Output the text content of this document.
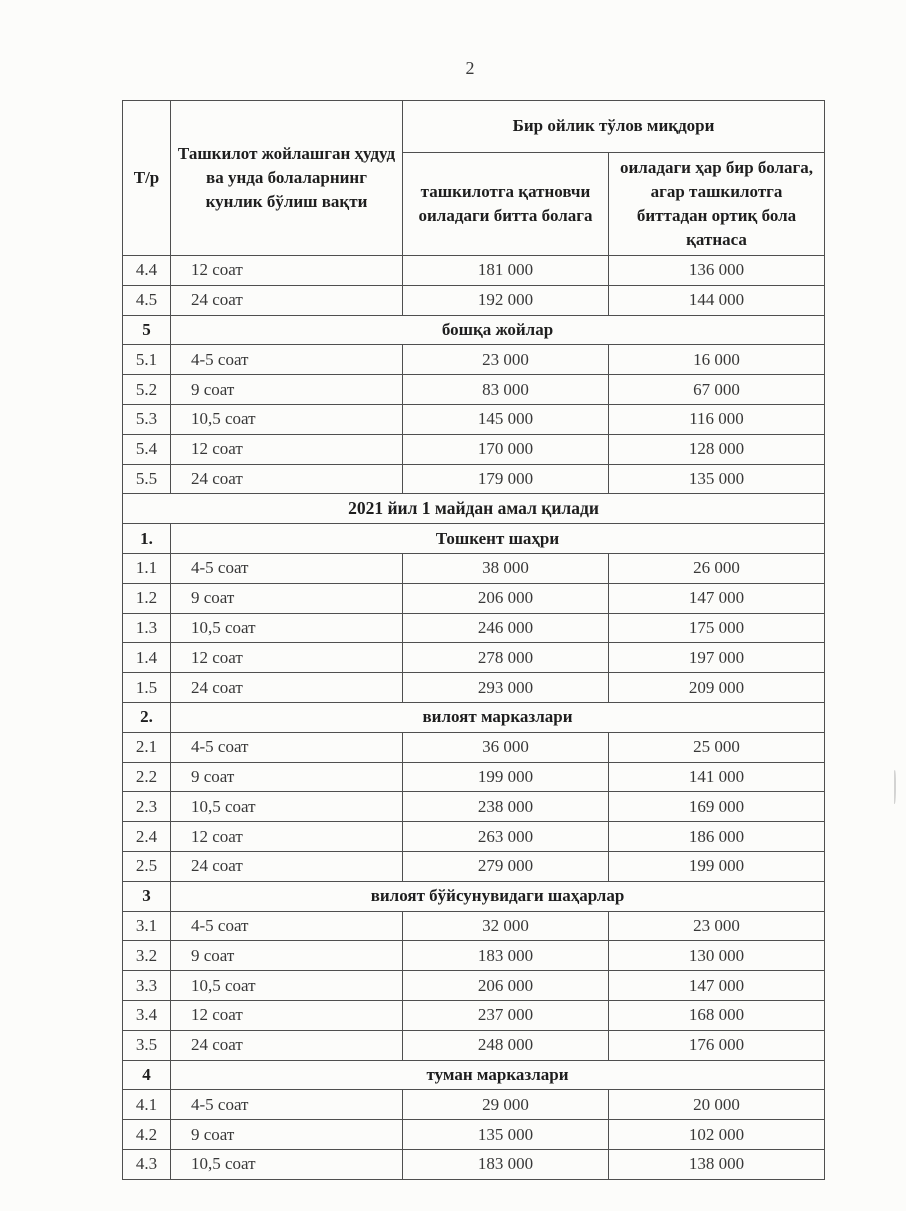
2
Т/р	Ташкилот жойлашган ҳудуд ва унда болаларнинг кунлик бўлиш вақти	Бир ойлик тўлов миқдори	
		ташкилотга қатновчи оиладаги битта болага	оиладаги ҳар бир болага, агар ташкилотга биттадан ортиқ бола қатнаса
4.4	12 соат	181 000	136 000
4.5	24 соат	192 000	144 000
5	бошқа жойлар		
5.1	4-5 соат	23 000	16 000
5.2	9 соат	83 000	67 000
5.3	10,5 соат	145 000	116 000
5.4	12 соат	170 000	128 000
5.5	24 соат	179 000	135 000
2021 йил 1 майдан амал қилади			
1.	Тошкент шаҳри		
1.1	4-5 соат	38 000	26 000
1.2	9 соат	206 000	147 000
1.3	10,5 соат	246 000	175 000
1.4	12 соат	278 000	197 000
1.5	24 соат	293 000	209 000
2.	вилоят марказлари		
2.1	4-5 соат	36 000	25 000
2.2	9 соат	199 000	141 000
2.3	10,5 соат	238 000	169 000
2.4	12 соат	263 000	186 000
2.5	24 соат	279 000	199 000
3	вилоят бўйсунувидаги шаҳарлар		
3.1	4-5 соат	32 000	23 000
3.2	9 соат	183 000	130 000
3.3	10,5 соат	206 000	147 000
3.4	12 соат	237 000	168 000
3.5	24 соат	248 000	176 000
4	туман марказлари		
4.1	4-5 соат	29 000	20 000
4.2	9 соат	135 000	102 000
4.3	10,5 соат	183 000	138 000
